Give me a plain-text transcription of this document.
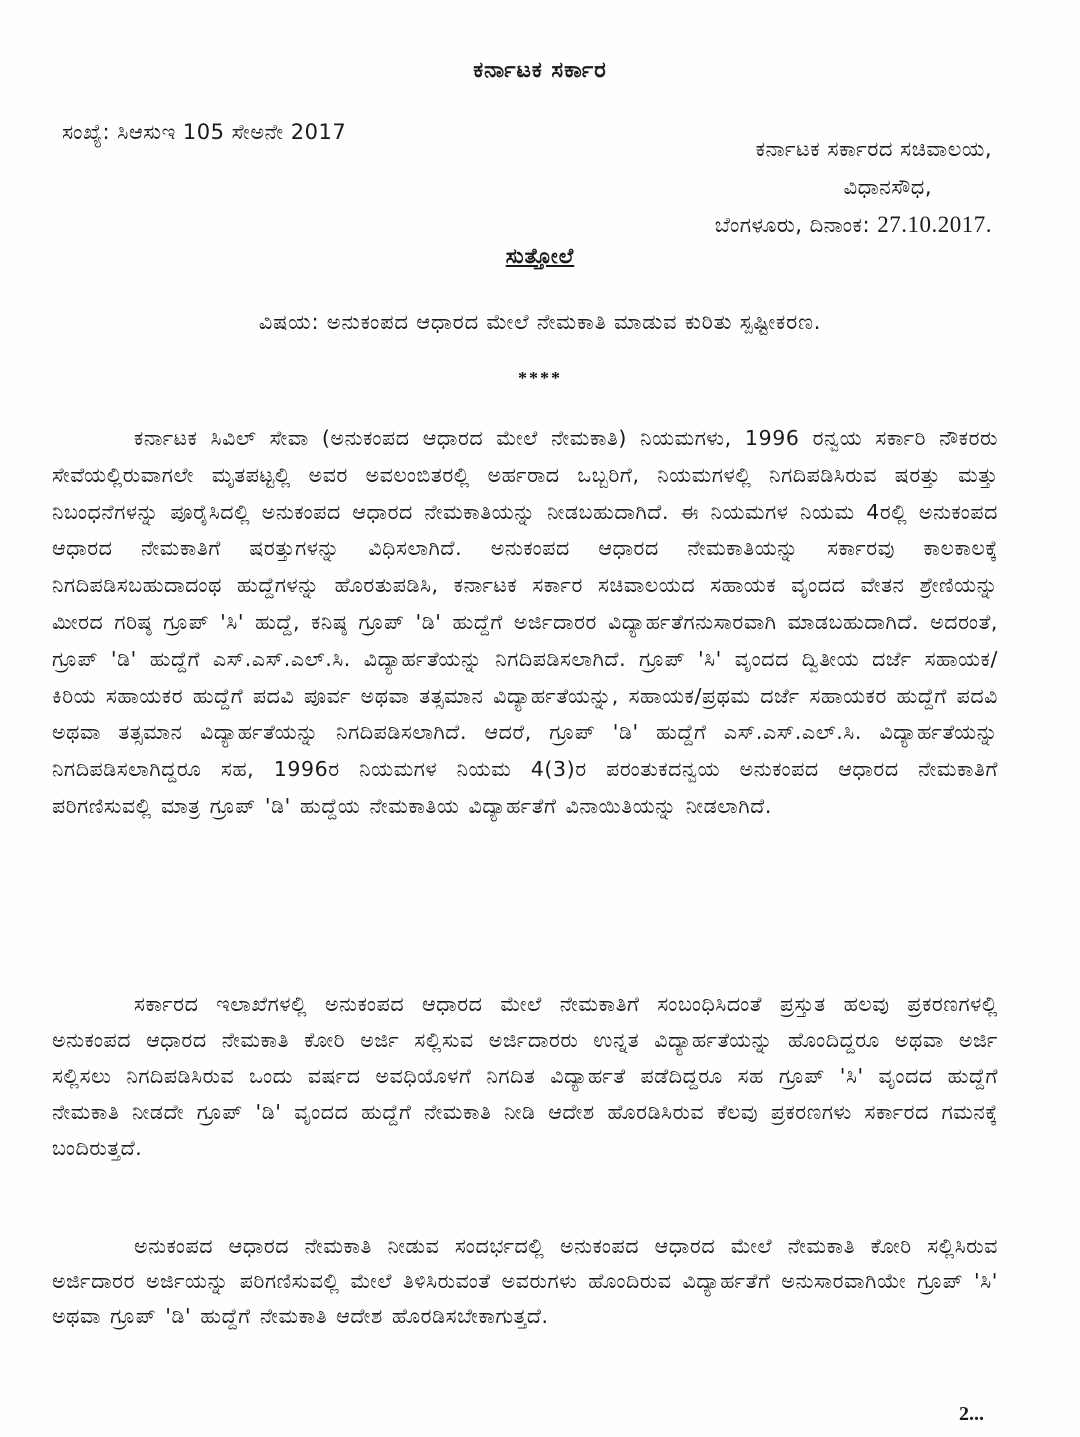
ಕರ್ನಾಟಕ ಸರ್ಕಾರ
ಸಂಖ್ಯೆ: ಸಿಆಸುಇ 105 ಸೇಅನೇ 2017
ಕರ್ನಾಟಕ ಸರ್ಕಾರದ ಸಚಿವಾಲಯ,
ವಿಧಾನಸೌಧ,
ಬೆಂಗಳೂರು, ದಿನಾಂಕ: 27.10.2017.
ಸುತ್ತೋಲೆ
ವಿಷಯ: ಅನುಕಂಪದ ಆಧಾರದ ಮೇಲೆ ನೇಮಕಾತಿ ಮಾಡುವ ಕುರಿತು ಸ್ಪಷ್ಟೀಕರಣ.
****

ಕರ್ನಾಟಕ ಸಿವಿಲ್ ಸೇವಾ (ಅನುಕಂಪದ ಆಧಾರದ ಮೇಲೆ ನೇಮಕಾತಿ) ನಿಯಮಗಳು, 1996 ರನ್ವಯ ಸರ್ಕಾರಿ ನೌಕರರು ಸೇವೆಯಲ್ಲಿರುವಾಗಲೇ ಮೃತಪಟ್ಟಲ್ಲಿ ಅವರ ಅವಲಂಬಿತರಲ್ಲಿ ಅರ್ಹರಾದ ಒಬ್ಬರಿಗೆ, ನಿಯಮಗಳಲ್ಲಿ ನಿಗದಿಪಡಿಸಿರುವ ಷರತ್ತು ಮತ್ತು ನಿಬಂಧನೆಗಳನ್ನು ಪೂರೈಸಿದಲ್ಲಿ ಅನುಕಂಪದ ಆಧಾರದ ನೇಮಕಾತಿಯನ್ನು ನೀಡಬಹುದಾಗಿದೆ. ಈ ನಿಯಮಗಳ ನಿಯಮ 4ರಲ್ಲಿ ಅನುಕಂಪದ ಆಧಾರದ ನೇಮಕಾತಿಗೆ ಷರತ್ತುಗಳನ್ನು ವಿಧಿಸಲಾಗಿದೆ. ಅನುಕಂಪದ ಆಧಾರದ ನೇಮಕಾತಿಯನ್ನು ಸರ್ಕಾರವು ಕಾಲಕಾಲಕ್ಕೆ ನಿಗದಿಪಡಿಸಬಹುದಾದಂಥ ಹುದ್ದೆಗಳನ್ನು ಹೊರತುಪಡಿಸಿ, ಕರ್ನಾಟಕ ಸರ್ಕಾರ ಸಚಿವಾಲಯದ ಸಹಾಯಕ ವೃಂದದ ವೇತನ ಶ್ರೇಣಿಯನ್ನು ಮೀರದ ಗರಿಷ್ಠ ಗ್ರೂಪ್ 'ಸಿ' ಹುದ್ದೆ, ಕನಿಷ್ಠ ಗ್ರೂಪ್ 'ಡಿ' ಹುದ್ದೆಗೆ ಅರ್ಜಿದಾರರ ವಿದ್ಯಾರ್ಹತೆಗನುಸಾರವಾಗಿ ಮಾಡಬಹುದಾಗಿದೆ. ಅದರಂತೆ, ಗ್ರೂಪ್ 'ಡಿ' ಹುದ್ದೆಗೆ ಎಸ್.ಎಸ್.ಎಲ್.ಸಿ. ವಿದ್ಯಾರ್ಹತೆಯನ್ನು ನಿಗದಿಪಡಿಸಲಾಗಿದೆ. ಗ್ರೂಪ್ 'ಸಿ' ವೃಂದದ ದ್ವಿತೀಯ ದರ್ಜೆ ಸಹಾಯಕ/ಕಿರಿಯ ಸಹಾಯಕರ ಹುದ್ದೆಗೆ ಪದವಿ ಪೂರ್ವ ಅಥವಾ ತತ್ಸಮಾನ ವಿದ್ಯಾರ್ಹತೆಯನ್ನು, ಸಹಾಯಕ/ಪ್ರಥಮ ದರ್ಜೆ ಸಹಾಯಕರ ಹುದ್ದೆಗೆ ಪದವಿ ಅಥವಾ ತತ್ಸಮಾನ ವಿದ್ಯಾರ್ಹತೆಯನ್ನು ನಿಗದಿಪಡಿಸಲಾಗಿದೆ. ಆದರೆ, ಗ್ರೂಪ್ 'ಡಿ' ಹುದ್ದೆಗೆ ಎಸ್.ಎಸ್.ಎಲ್.ಸಿ. ವಿದ್ಯಾರ್ಹತೆಯನ್ನು ನಿಗದಿಪಡಿಸಲಾಗಿದ್ದರೂ ಸಹ, 1996ರ ನಿಯಮಗಳ ನಿಯಮ 4(3)ರ ಪರಂತುಕದನ್ವಯ ಅನುಕಂಪದ ಆಧಾರದ ನೇಮಕಾತಿಗೆ ಪರಿಗಣಿಸುವಲ್ಲಿ ಮಾತ್ರ ಗ್ರೂಪ್ 'ಡಿ' ಹುದ್ದೆಯ ನೇಮಕಾತಿಯ ವಿದ್ಯಾರ್ಹತೆಗೆ ವಿನಾಯಿತಿಯನ್ನು ನೀಡಲಾಗಿದೆ.

ಸರ್ಕಾರದ ಇಲಾಖೆಗಳಲ್ಲಿ ಅನುಕಂಪದ ಆಧಾರದ ಮೇಲೆ ನೇಮಕಾತಿಗೆ ಸಂಬಂಧಿಸಿದಂತೆ ಪ್ರಸ್ತುತ ಹಲವು ಪ್ರಕರಣಗಳಲ್ಲಿ ಅನುಕಂಪದ ಆಧಾರದ ನೇಮಕಾತಿ ಕೋರಿ ಅರ್ಜಿ ಸಲ್ಲಿಸುವ ಅರ್ಜಿದಾರರು ಉನ್ನತ ವಿದ್ಯಾರ್ಹತೆಯನ್ನು ಹೊಂದಿದ್ದರೂ ಅಥವಾ ಅರ್ಜಿ ಸಲ್ಲಿಸಲು ನಿಗದಿಪಡಿಸಿರುವ ಒಂದು ವರ್ಷದ ಅವಧಿಯೊಳಗೆ ನಿಗದಿತ ವಿದ್ಯಾರ್ಹತೆ ಪಡೆದಿದ್ದರೂ ಸಹ ಗ್ರೂಪ್ 'ಸಿ' ವೃಂದದ ಹುದ್ದೆಗೆ ನೇಮಕಾತಿ ನೀಡದೇ ಗ್ರೂಪ್ 'ಡಿ' ವೃಂದದ ಹುದ್ದೆಗೆ ನೇಮಕಾತಿ ನೀಡಿ ಆದೇಶ ಹೊರಡಿಸಿರುವ ಕೆಲವು ಪ್ರಕರಣಗಳು ಸರ್ಕಾರದ ಗಮನಕ್ಕೆ ಬಂದಿರುತ್ತದೆ.

ಅನುಕಂಪದ ಆಧಾರದ ನೇಮಕಾತಿ ನೀಡುವ ಸಂದರ್ಭದಲ್ಲಿ ಅನುಕಂಪದ ಆಧಾರದ ಮೇಲೆ ನೇಮಕಾತಿ ಕೋರಿ ಸಲ್ಲಿಸಿರುವ ಅರ್ಜಿದಾರರ ಅರ್ಜಿಯನ್ನು ಪರಿಗಣಿಸುವಲ್ಲಿ ಮೇಲೆ ತಿಳಿಸಿರುವಂತೆ ಅವರುಗಳು ಹೊಂದಿರುವ ವಿದ್ಯಾರ್ಹತೆಗೆ ಅನುಸಾರವಾಗಿಯೇ ಗ್ರೂಪ್ 'ಸಿ' ಅಥವಾ ಗ್ರೂಪ್ 'ಡಿ' ಹುದ್ದೆಗೆ ನೇಮಕಾತಿ ಆದೇಶ ಹೊರಡಿಸಬೇಕಾಗುತ್ತದೆ.

2...
